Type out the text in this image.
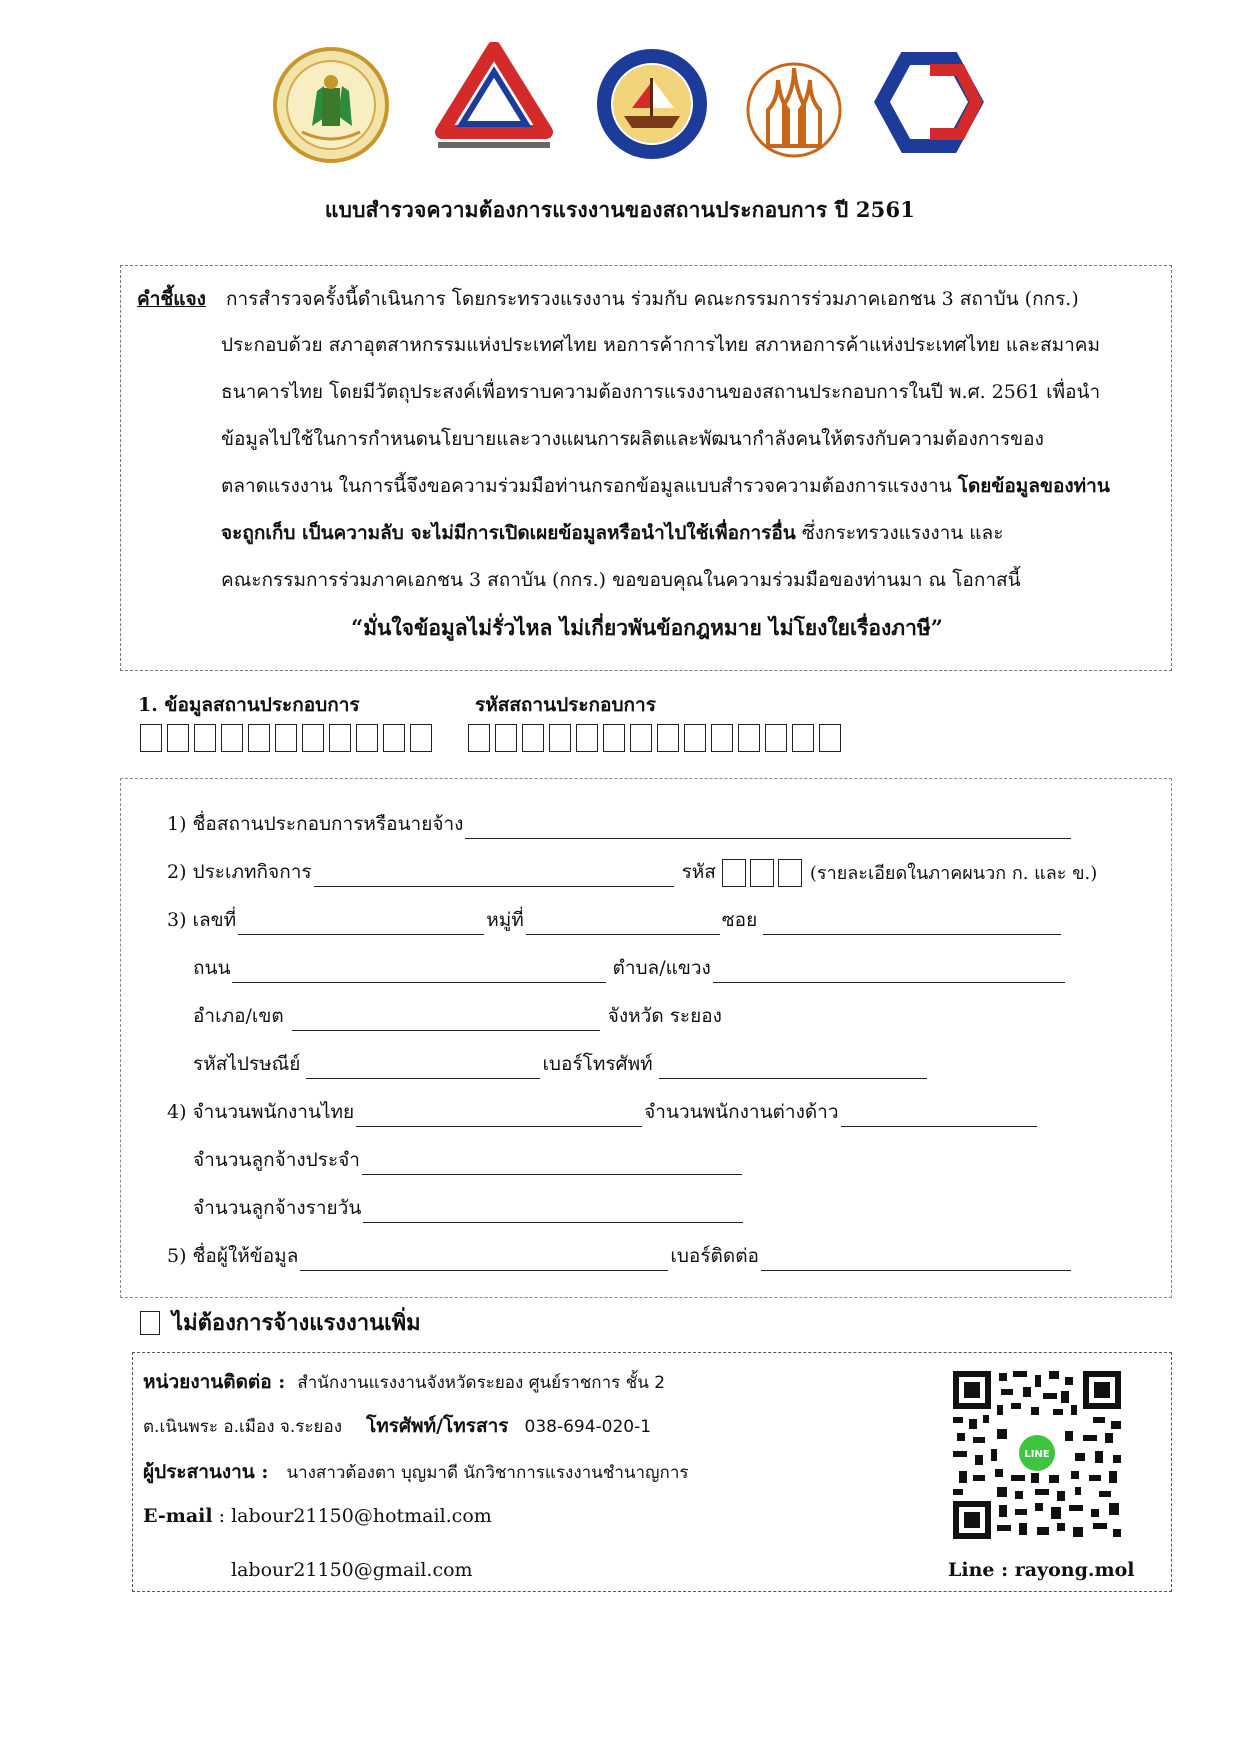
แบบสำรวจความต้องการแรงงานของสถานประกอบการ ปี 2561
คำชี้แจง การสำรวจครั้งนี้ดำเนินการ โดยกระทรวงแรงงาน ร่วมกับ คณะกรรมการร่วมภาคเอกชน 3 สถาบัน (กกร.)
ประกอบด้วย สภาอุตสาหกรรมแห่งประเทศไทย หอการค้าการไทย สภาหอการค้าแห่งประเทศไทย และสมาคม
ธนาคารไทย โดยมีวัตถุประสงค์เพื่อทราบความต้องการแรงงานของสถานประกอบการในปี พ.ศ. 2561 เพื่อนำ
ข้อมูลไปใช้ในการกำหนดนโยบายและวางแผนการผลิตและพัฒนากำลังคนให้ตรงกับความต้องการของ
ตลาดแรงงาน ในการนี้จึงขอความร่วมมือท่านกรอกข้อมูลแบบสำรวจความต้องการแรงงาน โดยข้อมูลของท่าน
จะถูกเก็บ เป็นความลับ จะไม่มีการเปิดเผยข้อมูลหรือนำไปใช้เพื่อการอื่น ซึ่งกระทรวงแรงงาน และ
คณะกรรมการร่วมภาคเอกชน 3 สถาบัน (กกร.) ขอขอบคุณในความร่วมมือของท่านมา ณ โอกาสนี้
“มั่นใจข้อมูลไม่รั่วไหล ไม่เกี่ยวพันข้อกฎหมาย ไม่โยงใยเรื่องภาษี”
1. ข้อมูลสถานประกอบการ	รหัสสถานประกอบการ
1) ชื่อสถานประกอบการหรือนายจ้าง
2) ประเภทกิจการ	รหัส	(รายละเอียดในภาคผนวก ก. และ ข.)
3) เลขที่	หมู่ที่	ซอย
ถนน	ตำบล/แขวง
อำเภอ/เขต	จังหวัด ระยอง
รหัสไปรษณีย์	เบอร์โทรศัพท์
4) จำนวนพนักงานไทย	จำนวนพนักงานต่างด้าว
จำนวนลูกจ้างประจำ
จำนวนลูกจ้างรายวัน
5) ชื่อผู้ให้ข้อมูล	เบอร์ติดต่อ
ไม่ต้องการจ้างแรงงานเพิ่ม
หน่วยงานติดต่อ : สำนักงานแรงงานจังหวัดระยอง ศูนย์ราชการ ชั้น 2
ต.เนินพระ อ.เมือง จ.ระยอง โทรศัพท์/โทรสาร 038-694-020-1
ผู้ประสานงาน : นางสาวต้องตา บุญมาดี นักวิชาการแรงงานชำนาญการ
E-mail : labour21150@hotmail.com
labour21150@gmail.com
LINE
Line : rayong.mol
